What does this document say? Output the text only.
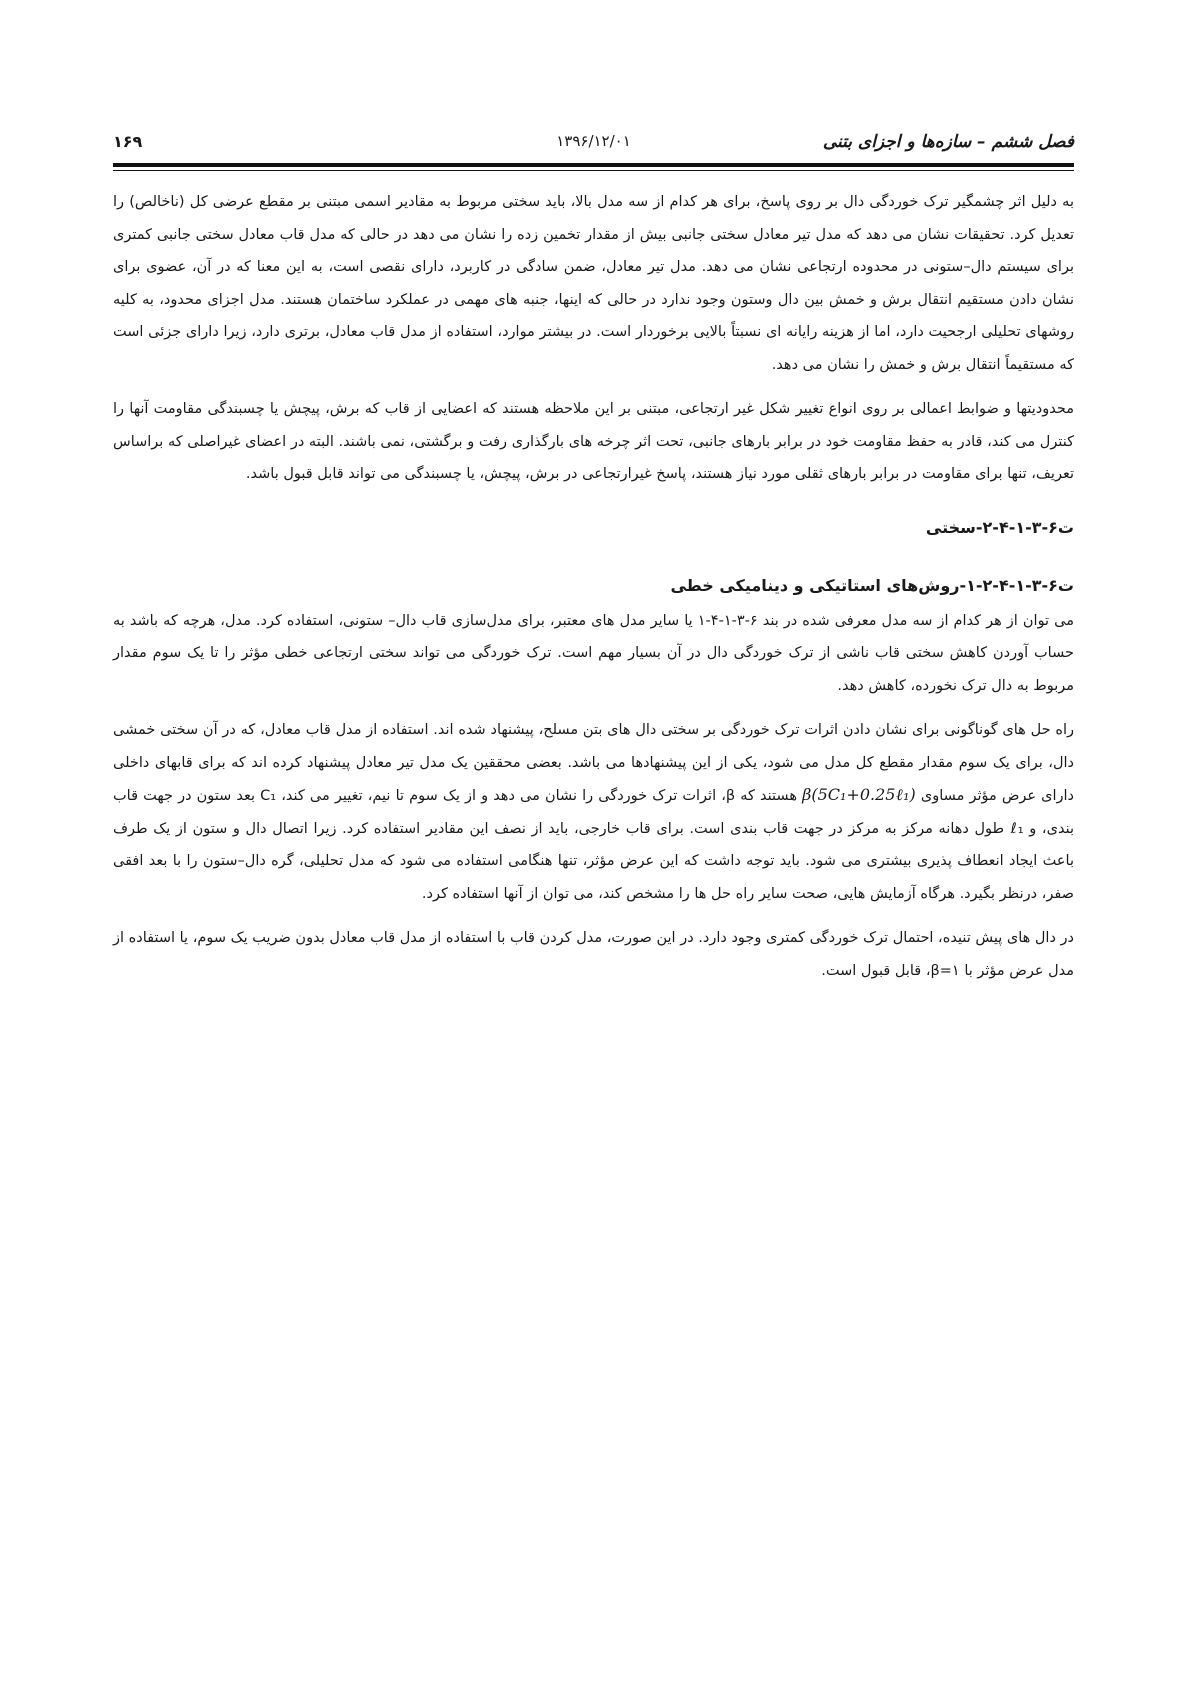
فصل ششم – سازه‌ها و اجزای بتنی
۱۳۹۶/۱۲/۰۱
۱۶۹

به دلیل اثر چشمگیر ترک خوردگی دال بر روی پاسخ، برای هر کدام از سه مدل بالا، باید سختی مربوط به مقادیر اسمی مبتنی بر مقطع عرضی کل (ناخالص) را تعدیل کرد. تحقیقات نشان می دهد که مدل تیر معادل سختی جانبی بیش از مقدار تخمین زده را نشان می دهد در حالی که مدل قاب معادل سختی جانبی کمتری برای سیستم دال–ستونی در محدوده ارتجاعی نشان می دهد. مدل تیر معادل، ضمن سادگی در کاربرد، دارای نقصی است، به این معنا که در آن، عضوی برای نشان دادن مستقیم انتقال برش و خمش بین دال وستون وجود ندارد در حالی که اینها، جنبه های مهمی در عملکرد ساختمان هستند. مدل اجزای محدود، به کلیه روشهای تحلیلی ارجحیت دارد، اما از هزینه رایانه ای نسبتاً بالایی برخوردار است. در بیشتر موارد، استفاده از مدل قاب معادل، برتری دارد، زیرا دارای جزئی است که مستقیماً انتقال برش و خمش را نشان می دهد.

محدودیتها و ضوابط اعمالی بر روی انواع تغییر شکل غیر ارتجاعی، مبتنی بر این ملاحظه هستند که اعضایی از قاب که برش، پیچش یا چسبندگی مقاومت آنها را کنترل می کند، قادر به حفظ مقاومت خود در برابر بارهای جانبی، تحت اثر چرخه های بارگذاری رفت و برگشتی، نمی باشند. البته در اعضای غیراصلی که براساس تعریف، تنها برای مقاومت در برابر بارهای ثقلی مورد نیاز هستند، پاسخ غیرارتجاعی در برش، پیچش، یا چسبندگی می تواند قابل قبول باشد.

ت۶-۳-۱-۴-۲-سختی
ت۶-۳-۱-۴-۲-۱-روش‌های استاتیکی و دینامیکی خطی

می توان از هر کدام از سه مدل معرفی شده در بند ۶-۳-۱-۴-۱ یا سایر مدل های معتبر، برای مدل‌سازی قاب دال– ستونی، استفاده کرد. مدل، هرچه که باشد به حساب آوردن کاهش سختی قاب ناشی از ترک خوردگی دال در آن بسیار مهم است. ترک خوردگی می تواند سختی ارتجاعی خطی مؤثر را تا یک سوم مقدار مربوط به دال ترک نخورده، کاهش دهد.

راه حل های گوناگونی برای نشان دادن اثرات ترک خوردگی بر سختی دال های بتن مسلح، پیشنهاد شده اند. استفاده از مدل قاب معادل، که در آن سختی خمشی دال، برای یک سوم مقدار مقطع کل مدل می شود، یکی از این پیشنهادها می باشد. بعضی محققین یک مدل تیر معادل پیشنهاد کرده اند که برای قابهای داخلی دارای عرض مؤثر مساوی β(5C₁+0.25ℓ₁) هستند که β، اثرات ترک خوردگی را نشان می دهد و از یک سوم تا نیم، تغییر می کند، C₁ بعد ستون در جهت قاب بندی، و ℓ₁ طول دهانه مرکز به مرکز در جهت قاب بندی است. برای قاب خارجی، باید از نصف این مقادیر استفاده کرد. زیرا اتصال دال و ستون از یک طرف باعث ایجاد انعطاف پذیری بیشتری می شود. باید توجه داشت که این عرض مؤثر، تنها هنگامی استفاده می شود که مدل تحلیلی، گره دال–ستون را با بعد افقی صفر، درنظر بگیرد. هرگاه آزمایش هایی، صحت سایر راه حل ها را مشخص کند، می توان از آنها استفاده کرد.

در دال های پیش تنیده، احتمال ترک خوردگی کمتری وجود دارد. در این صورت، مدل کردن قاب با استفاده از مدل قاب معادل بدون ضریب یک سوم، یا استفاده از مدل عرض مؤثر با β=۱، قابل قبول است.
